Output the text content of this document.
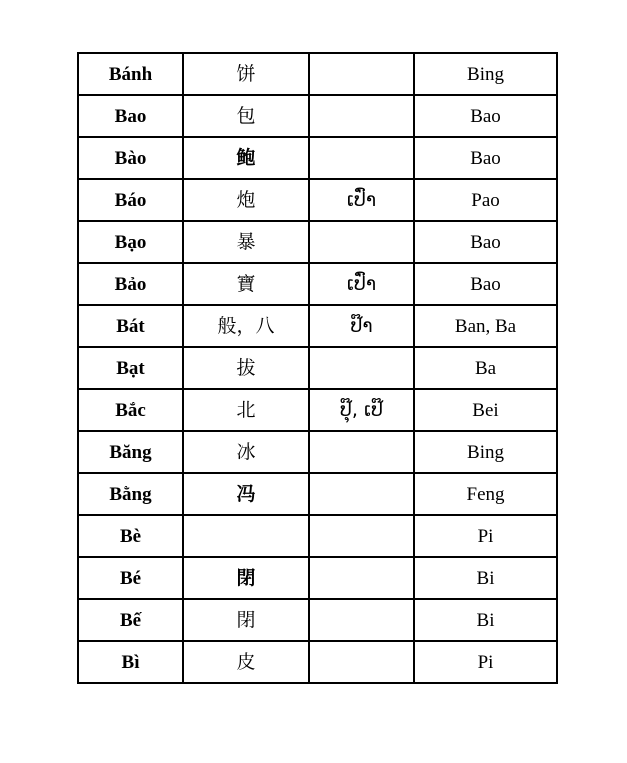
Bánh	饼		Bing
Bao	包		Bao
Bào	鲍		Bao
Báo	炮	ເປົ່າ	Pao
Bạo	暴		Bao
Bảo	寶	ເປົ່າ	Bao
Bát	般，八	ປ໊າ	Ban, Ba
Bạt	拔		Ba
Bắc	北	ປຸ໊, ເປ໊	Bei
Băng	冰		Bing
Bằng	冯		Feng
Bè			Pi
Bé	閉		Bi
Bế	閉		Bi
Bì	皮		Pi
